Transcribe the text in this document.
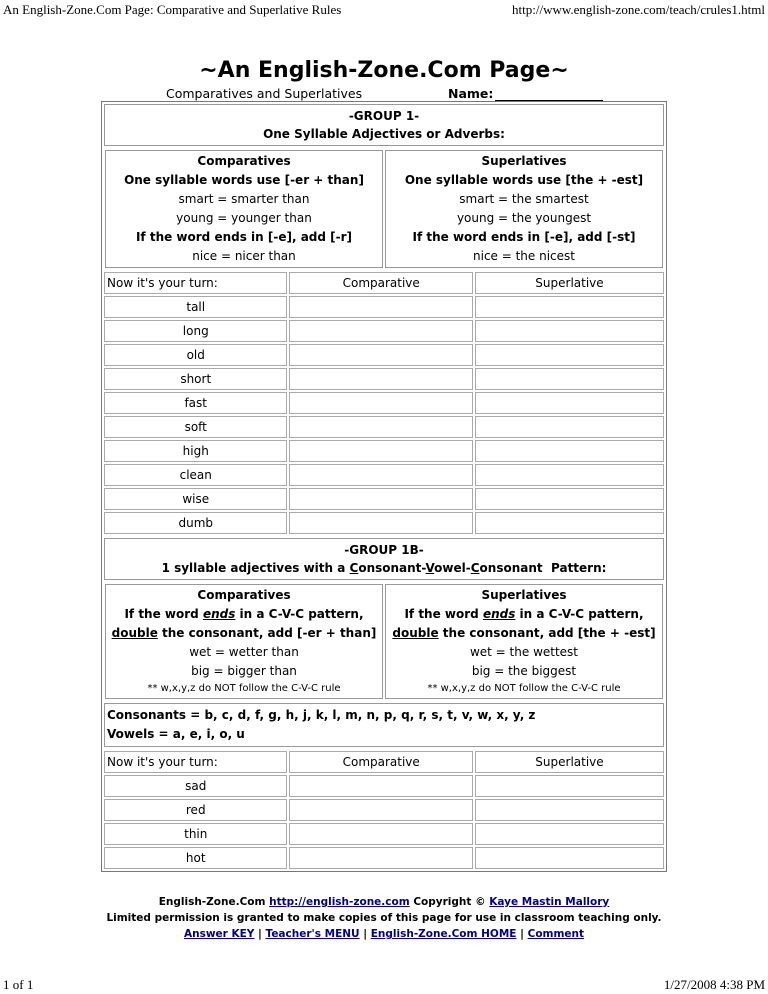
An English-Zone.Com Page: Comparative and Superlative Rules	http://www.english-zone.com/teach/crules1.html
~An English-Zone.Com Page~
Comparatives and Superlatives	Name:
-GROUP 1-
One Syllable Adjectives or Adverbs:
Comparatives
One syllable words use [-er + than]
smart = smarter than
young = younger than
If the word ends in [-e], add [-r]
nice = nicer than
Superlatives
One syllable words use [the + -est]
smart = the smartest
young = the youngest
If the word ends in [-e], add [-st]
nice = the nicest
Now it's your turn:	Comparative	Superlative
tall		
long		
old		
short		
fast		
soft		
high		
clean		
wise		
dumb		
-GROUP 1B-
1 syllable adjectives with a Consonant-Vowel-Consonant  Pattern:
Comparatives
If the word ends in a C-V-C pattern,
double the consonant, add [-er + than]
wet = wetter than
big = bigger than
** w,x,y,z do NOT follow the C-V-C rule
Superlatives
If the word ends in a C-V-C pattern,
double the consonant, add [the + -est]
wet = the wettest
big = the biggest
** w,x,y,z do NOT follow the C-V-C rule
Consonants = b, c, d, f, g, h, j, k, l, m, n, p, q, r, s, t, v, w, x, y, z
Vowels = a, e, i, o, u
Now it's your turn:	Comparative	Superlative
sad		
red		
thin		
hot		
English-Zone.Com http://english-zone.com Copyright © Kaye Mastin Mallory
Limited permission is granted to make copies of this page for use in classroom teaching only.
Answer KEY | Teacher's MENU | English-Zone.Com HOME | Comment
1 of 1	1/27/2008 4:38 PM
